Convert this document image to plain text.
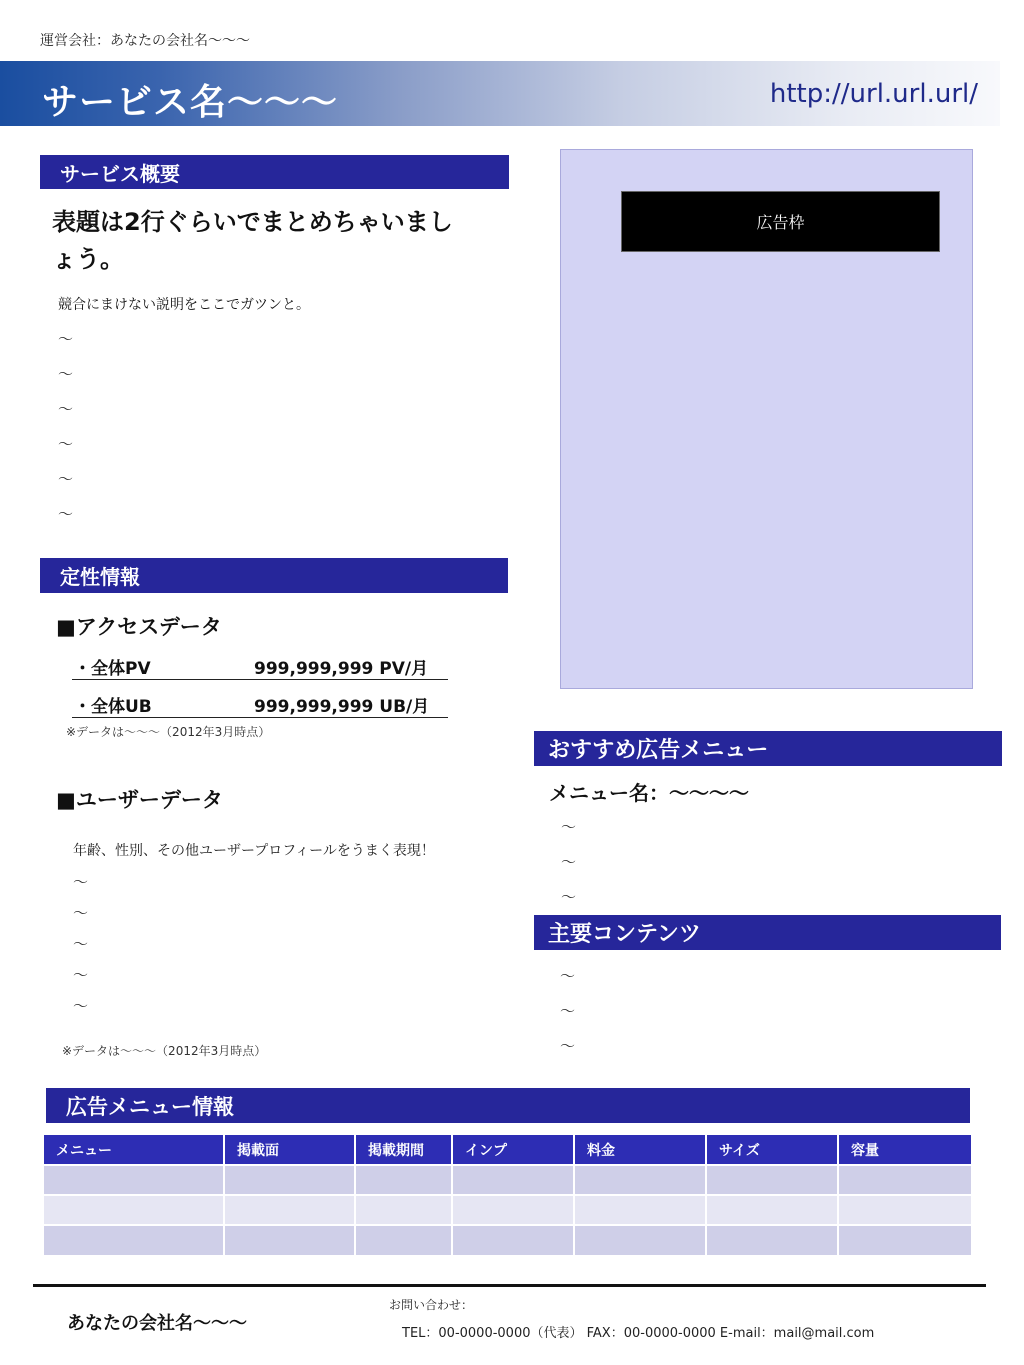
運営会社：あなたの会社名～～～
サービス名～～～	http://url.url.url/
サービス概要
表題は2行ぐらいでまとめちゃいましょう。
競合にまけない説明をここでガツンと。
～
～
～
～
～
～
定性情報
■アクセスデータ
・全体PV	999,999,999 PV/月
・全体UB	999,999,999 UB/月
※データは～～～（2012年3月時点）
■ユーザーデータ
年齢、性別、その他ユーザープロフィールをうまく表現！
～
～
～
～
～
※データは～～～（2012年3月時点）
広告枠
おすすめ広告メニュー
メニュー名：～～～～
～
～
～
主要コンテンツ
～
～
～
広告メニュー情報
メニュー	掲載面	掲載期間	インプ	料金	サイズ	容量

あなたの会社名～～～
お問い合わせ：
TEL：00-0000-0000（代表） FAX：00-0000-0000 E-mail：mail@mail.com
